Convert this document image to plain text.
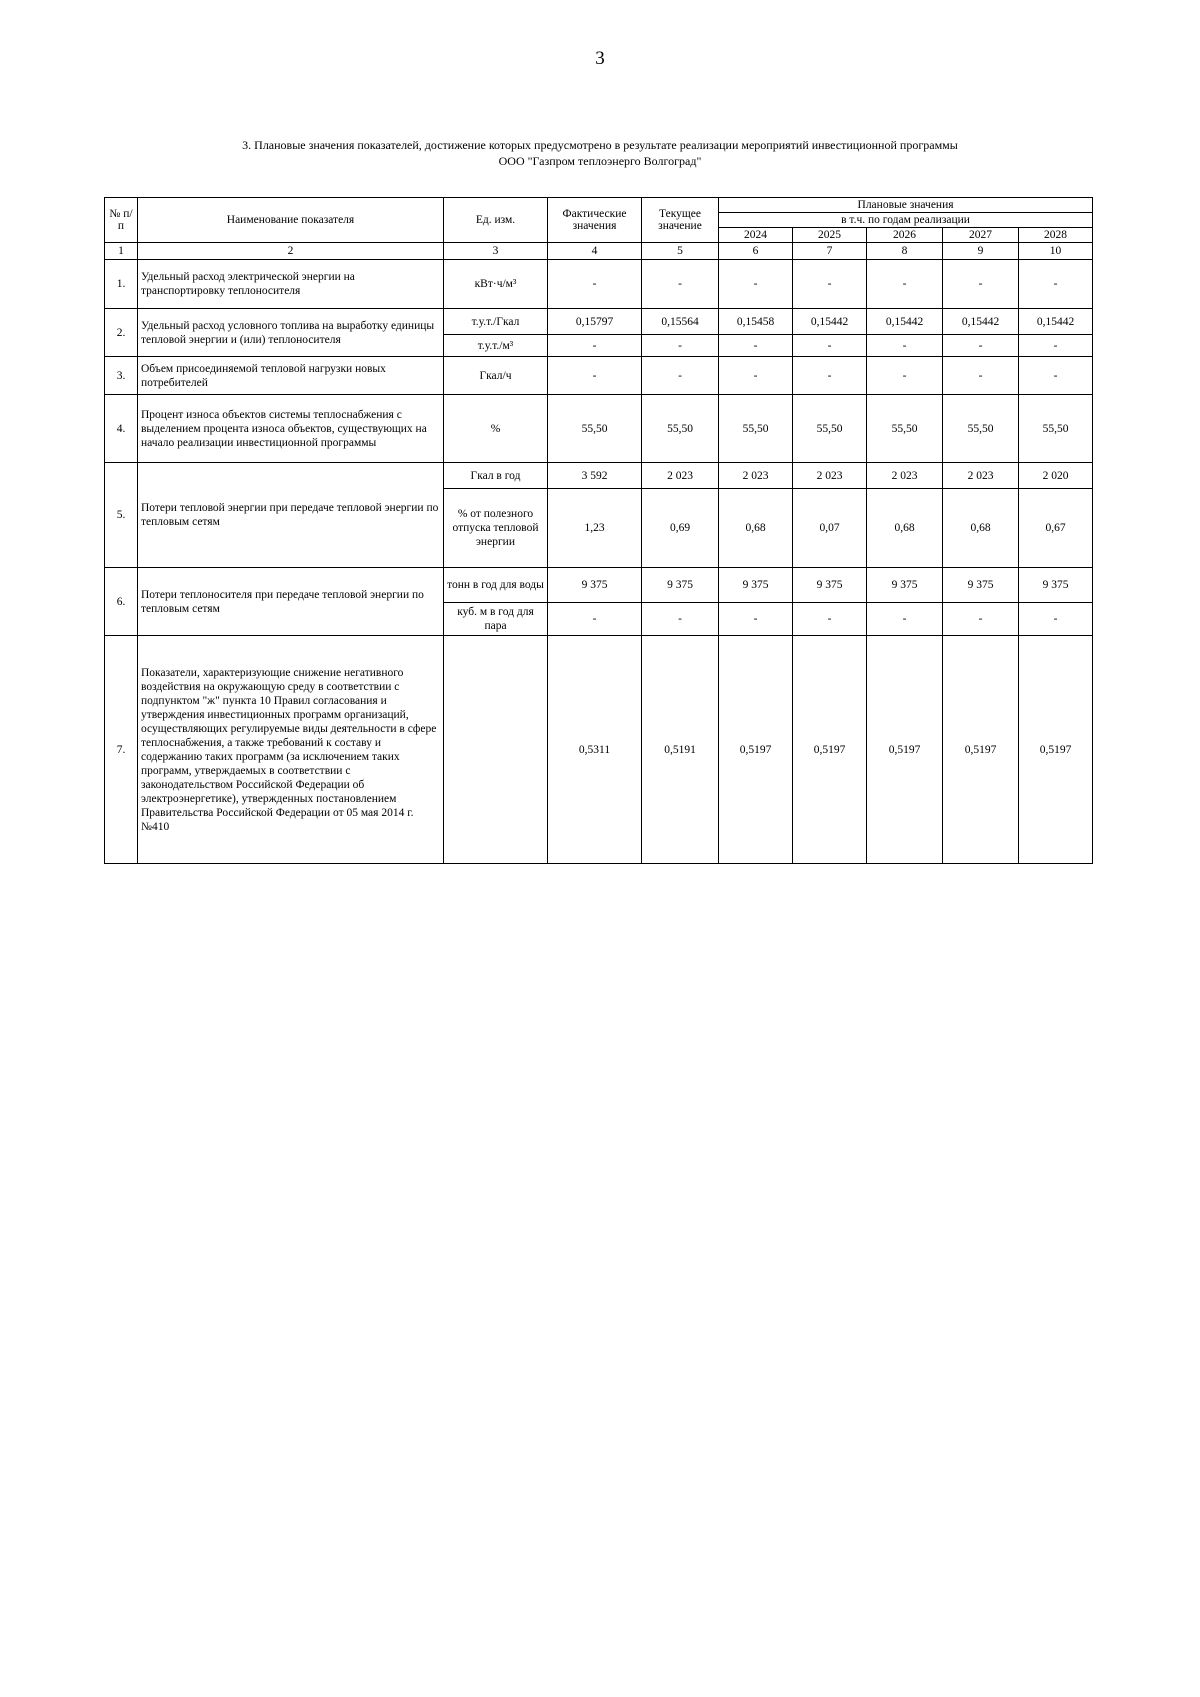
3
3. Плановые значения показателей, достижение которых предусмотрено в результате реализации мероприятий инвестиционной программы
ООО "Газпром теплоэнерго Волгоград"
№ п/п	Наименование показателя	Ед. изм.	Фактические значения	Текущее значение	Плановые значения				
					в т.ч. по годам реализации				
					2024	2025	2026	2027	2028
1	2	3	4	5	6	7	8	9	10
1.	Удельный расход электрической энергии на транспортировку теплоносителя	кВт·ч/м³	-	-	-	-	-	-	-
2.	Удельный расход условного топлива на выработку единицы тепловой энергии и (или) теплоносителя	т.у.т./Гкал	0,15797	0,15564	0,15458	0,15442	0,15442	0,15442	0,15442
		т.у.т./м³	-	-	-	-	-	-	-
3.	Объем присоединяемой тепловой нагрузки новых потребителей	Гкал/ч	-	-	-	-	-	-	-
4.	Процент износа объектов системы теплоснабжения с выделением процента износа объектов, существующих на начало реализации инвестиционной программы	%	55,50	55,50	55,50	55,50	55,50	55,50	55,50
5.	Потери тепловой энергии при передаче тепловой энергии по тепловым сетям	Гкал в год	3 592	2 023	2 023	2 023	2 023	2 023	2 020
		% от полезного отпуска тепловой энергии	1,23	0,69	0,68	0,07	0,68	0,68	0,67
6.	Потери теплоносителя при передаче тепловой энергии по тепловым сетям	тонн в год для воды	9 375	9 375	9 375	9 375	9 375	9 375	9 375
		куб. м в год для пара	-	-	-	-	-	-	-
7.	Показатели, характеризующие снижение негативного воздействия на окружающую среду в соответствии с подпунктом "ж" пункта 10 Правил согласования и утверждения инвестиционных программ организаций, осуществляющих регулируемые виды деятельности в сфере теплоснабжения, а также требований к составу и содержанию таких программ (за исключением таких программ, утверждаемых в соответствии с законодательством Российской Федерации об электроэнергетике), утвержденных постановлением Правительства Российской Федерации от 05 мая 2014 г. №410		0,5311	0,5191	0,5197	0,5197	0,5197	0,5197	0,5197
